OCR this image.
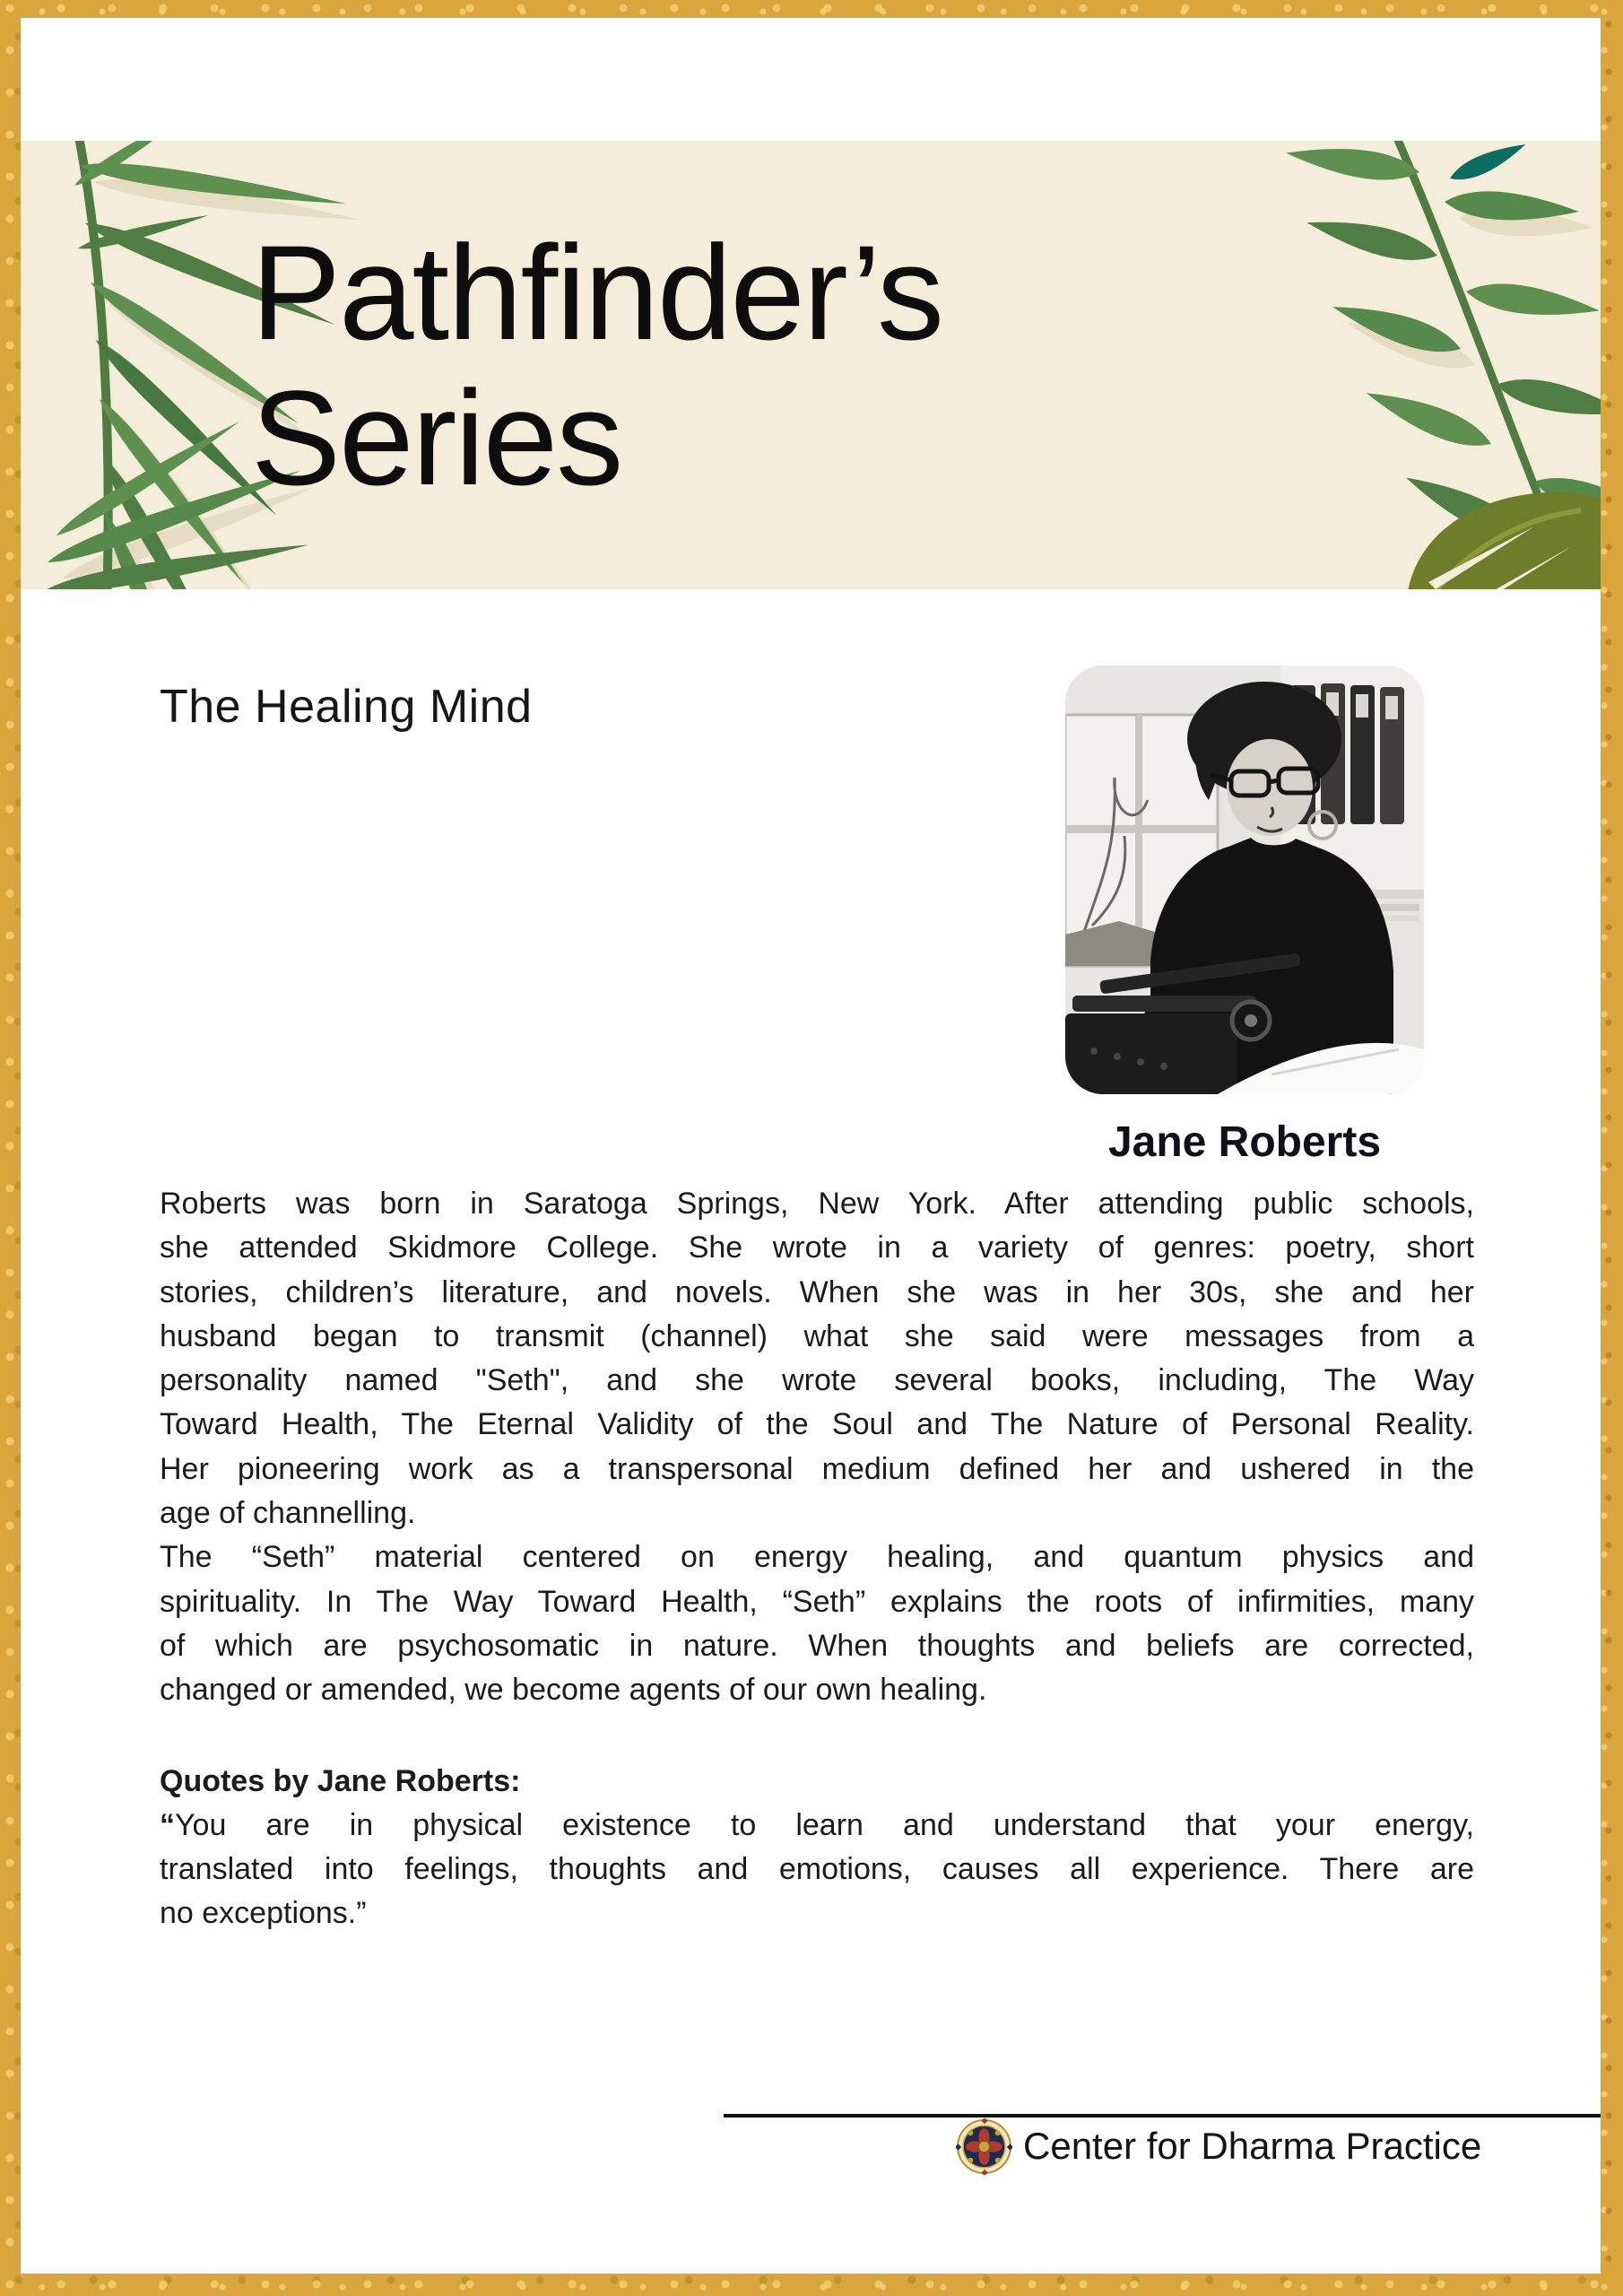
Pathfinder’s
Series
The Healing Mind
Jane Roberts
Roberts was born in Saratoga Springs, New York. After attending public schools,
she attended Skidmore College. She wrote in a variety of genres: poetry, short
stories, children’s literature, and novels. When she was in her 30s, she and her
husband began to transmit (channel) what she said were messages from a
personality named "Seth", and she wrote several books, including, The Way
Toward Health, The Eternal Validity of the Soul and The Nature of Personal Reality.
Her pioneering work as a transpersonal medium defined her and ushered in the
age of channelling.
The “Seth” material centered on energy healing, and quantum physics and
spirituality. In The Way Toward Health, “Seth” explains the roots of infirmities, many
of which are psychosomatic in nature. When thoughts and beliefs are corrected,
changed or amended, we become agents of our own healing.
Quotes by Jane Roberts:
“You are in physical existence to learn and understand that your energy,
translated into feelings, thoughts and emotions, causes all experience. There are
no exceptions.”
Center for Dharma Practice
